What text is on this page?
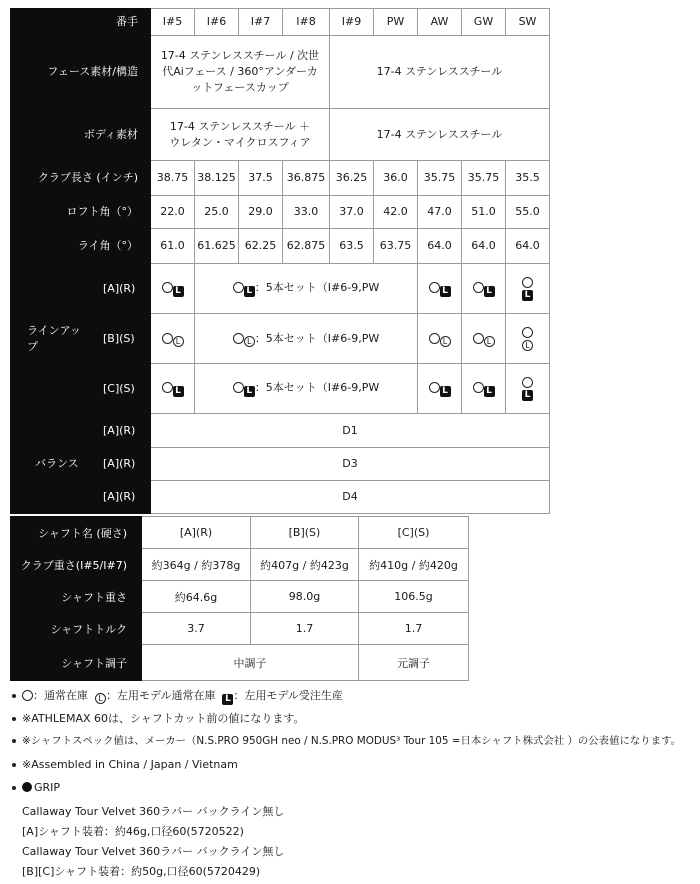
番手		I#5	I#6	I#7	I#8	I#9	PW	AW	GW	SW
フェース素材/構造		17-4 ステンレススチール / 次世代Aiフェース / 360°アンダーカットフェースカップ				17-4 ステンレススチール				
ボディ素材		17-4 ステンレススチール ＋ ウレタン・マイクロスフィア				17-4 ステンレススチール				
クラブ長さ (インチ)		38.75	38.125	37.5	36.875	36.25	36.0	35.75	35.75	35.5
ロフト角（°）		22.0	25.0	29.0	33.0	37.0	42.0	47.0	51.0	55.0
ライ角（°）		61.0	61.625	62.25	62.875	63.5	63.75	64.0	64.0	64.0
ラインアップ	[A](R)	L	L ：5本セット（I#6-9,PW					L	L	L

	[B](S)	L	L ：5本セット（I#6-9,PW					L	L	L

	[C](S)	L	L ：5本セット（I#6-9,PW					L	L	L

バランス	[A](R)	D1								
	[A](R)	D3								
	[A](R)	D4								
シャフト名 (硬さ)	[A](R)	[B](S)	[C](S)
クラブ重さ(I#5/I#7)	約364g / 約378g	約407g / 約423g	約410g / 約420g
シャフト重さ	約64.6g	98.0g	106.5g
シャフトトルク	3.7	1.7	1.7
シャフト調子	中調子		元調子
：通常在庫 L ：左用モデル通常在庫 L ：左用モデル受注生産
※ATHLEMAX 60は、シャフトカット前の値になります。
※シャフトスペック値は、メーカー（N.S.PRO 950GH neo / N.S.PRO MODUS³ Tour 105 =日本シャフト株式会社 ）の公表値になります。
※Assembled in China / Japan / Vietnam
GRIP
Callaway Tour Velvet 360ラバー バックライン無し
[A]シャフト装着：約46g,口径60(5720522)
Callaway Tour Velvet 360ラバー バックライン無し
[B][C]シャフト装着：約50g,口径60(5720429)
